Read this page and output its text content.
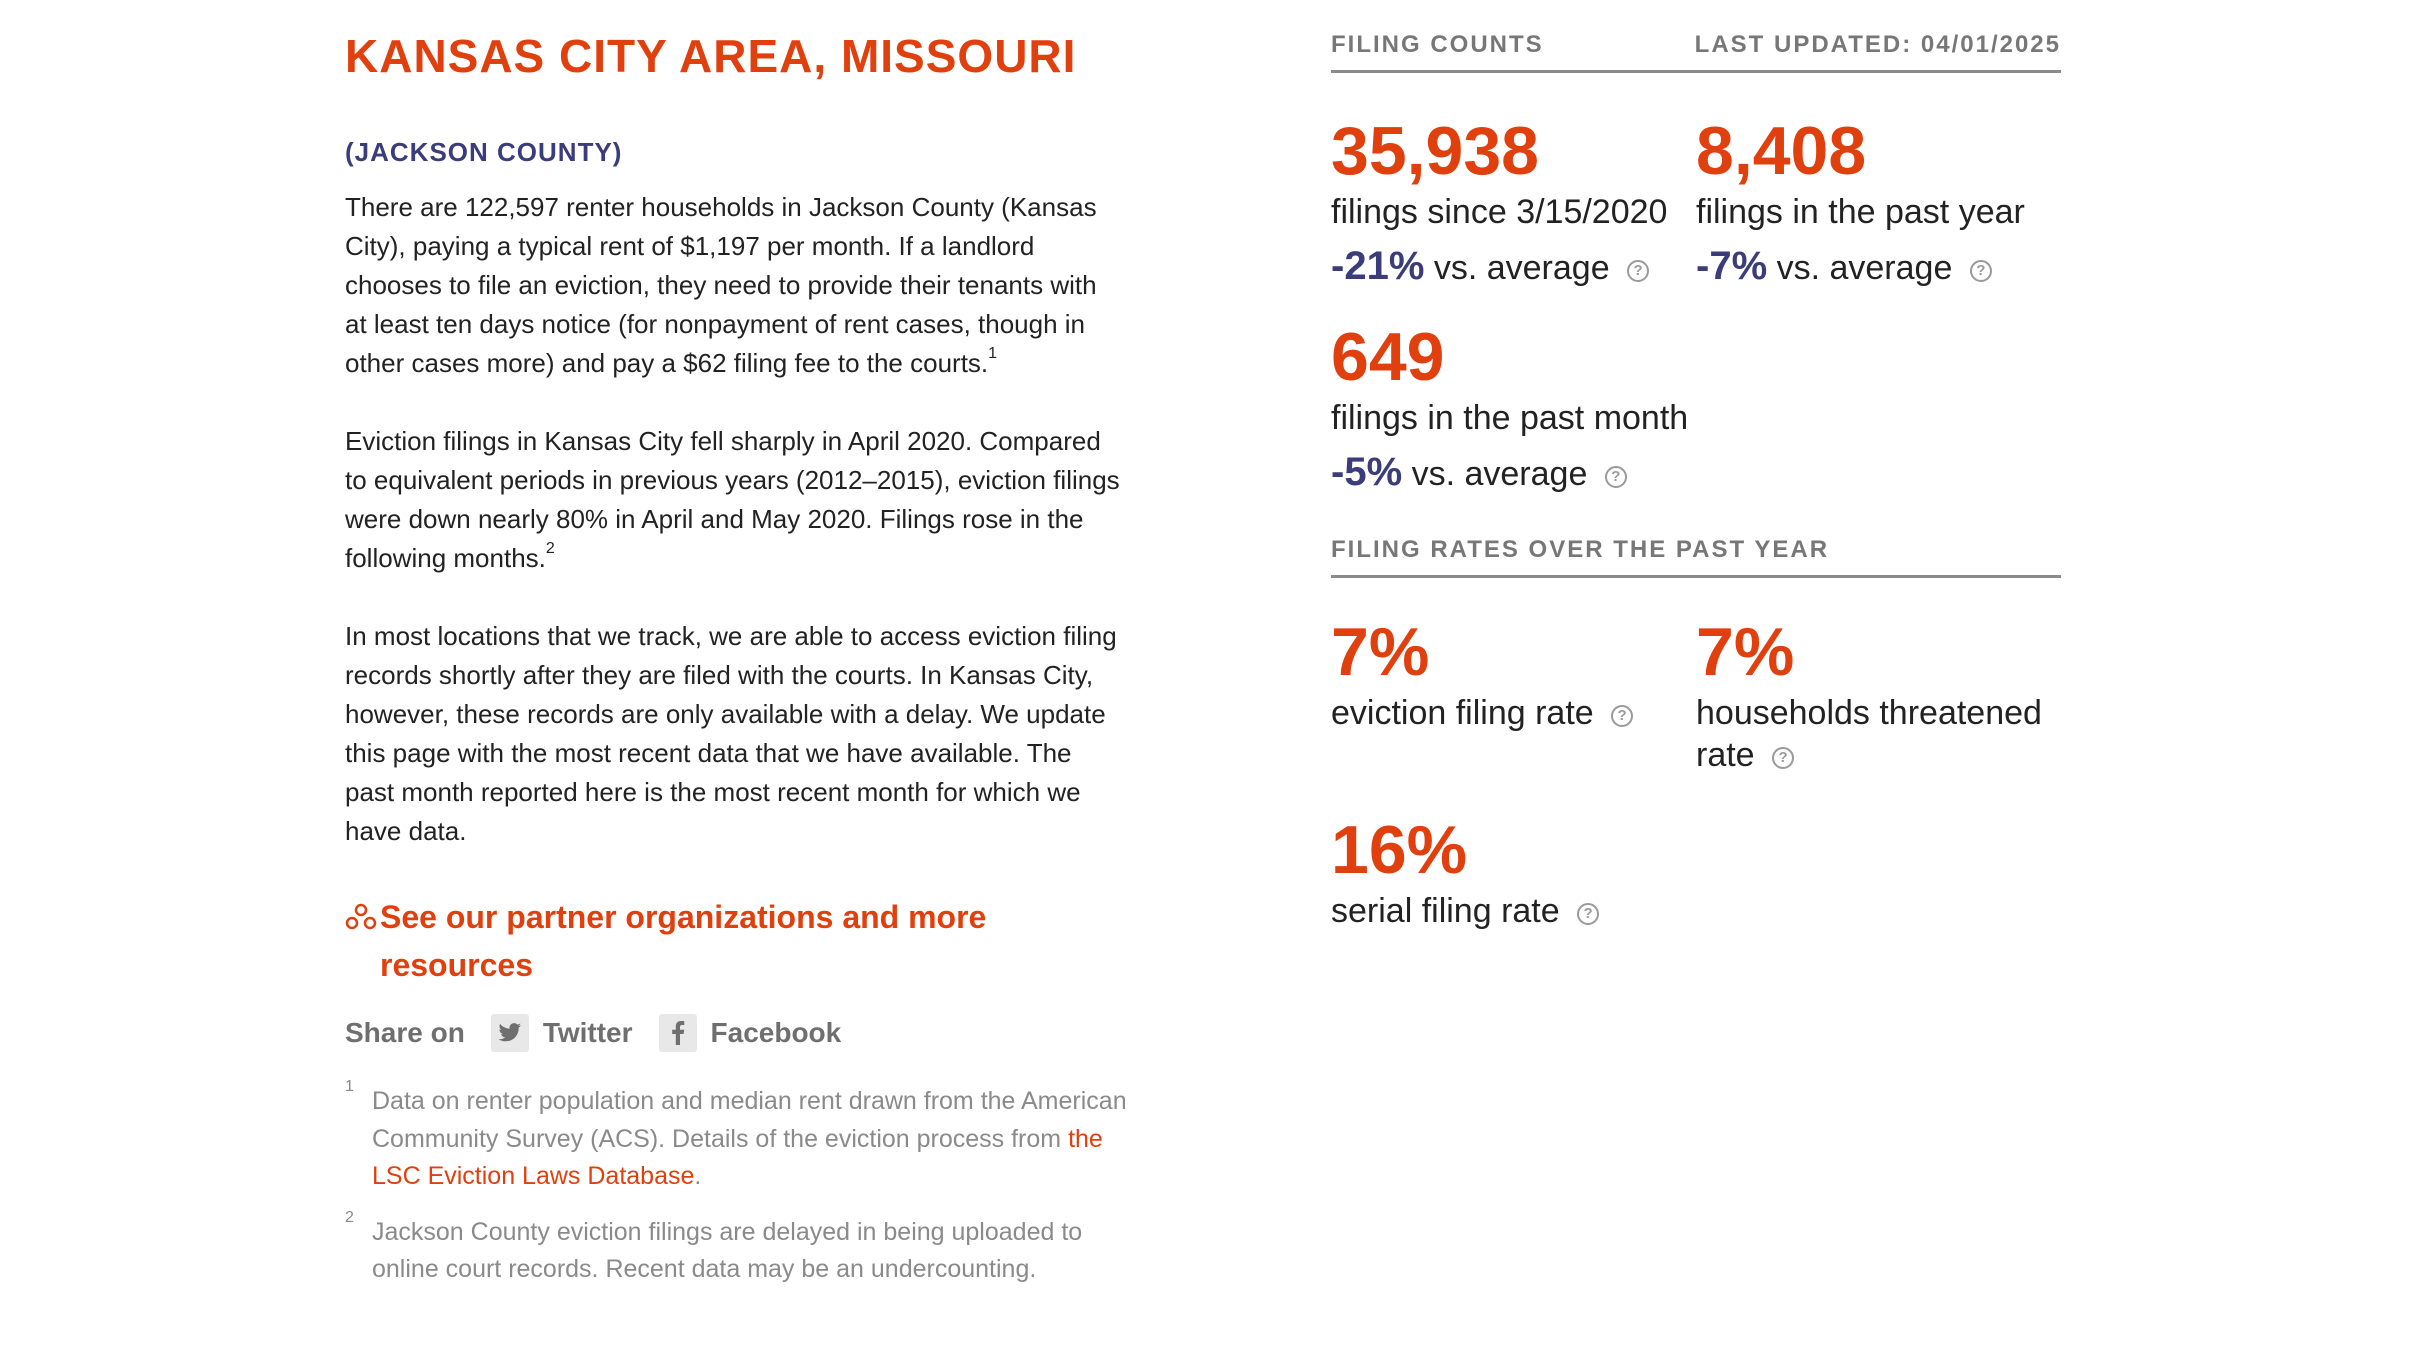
KANSAS CITY AREA, MISSOURI
(JACKSON COUNTY)

There are 122,597 renter households in Jackson County (Kansas City), paying a typical rent of $1,197 per month. If a landlord chooses to file an eviction, they need to provide their tenants with at least ten days notice (for nonpayment of rent cases, though in other cases more) and pay a $62 filing fee to the courts.$^1$

Eviction filings in Kansas City fell sharply in April 2020. Compared to equivalent periods in previous years (2012–2015), eviction filings were down nearly 80% in April and May 2020. Filings rose in the following months.$^2$

In most locations that we track, we are able to access eviction filing records shortly after they are filed with the courts. In Kansas City, however, these records are only available with a delay. We update this page with the most recent data that we have available. The past month reported here is the most recent month for which we have data.

See our partner organizations and more resources
Share on	Twitter	Facebook
1
Data on renter population and median rent drawn from the American Community Survey (ACS). Details of the eviction process from the LSC Eviction Laws Database.
2
Jackson County eviction filings are delayed in being uploaded to online court records. Recent data may be an undercounting.
FILING COUNTS	LAST UPDATED: 04/01/2025
35,938
filings since 3/15/2020
-21% vs. average ?
8,408
filings in the past year
-7% vs. average ?
649
filings in the past month
-5% vs. average ?
FILING RATES OVER THE PAST YEAR
7%
eviction filing rate ?
7%
households threatened rate ?
16%
serial filing rate ?
